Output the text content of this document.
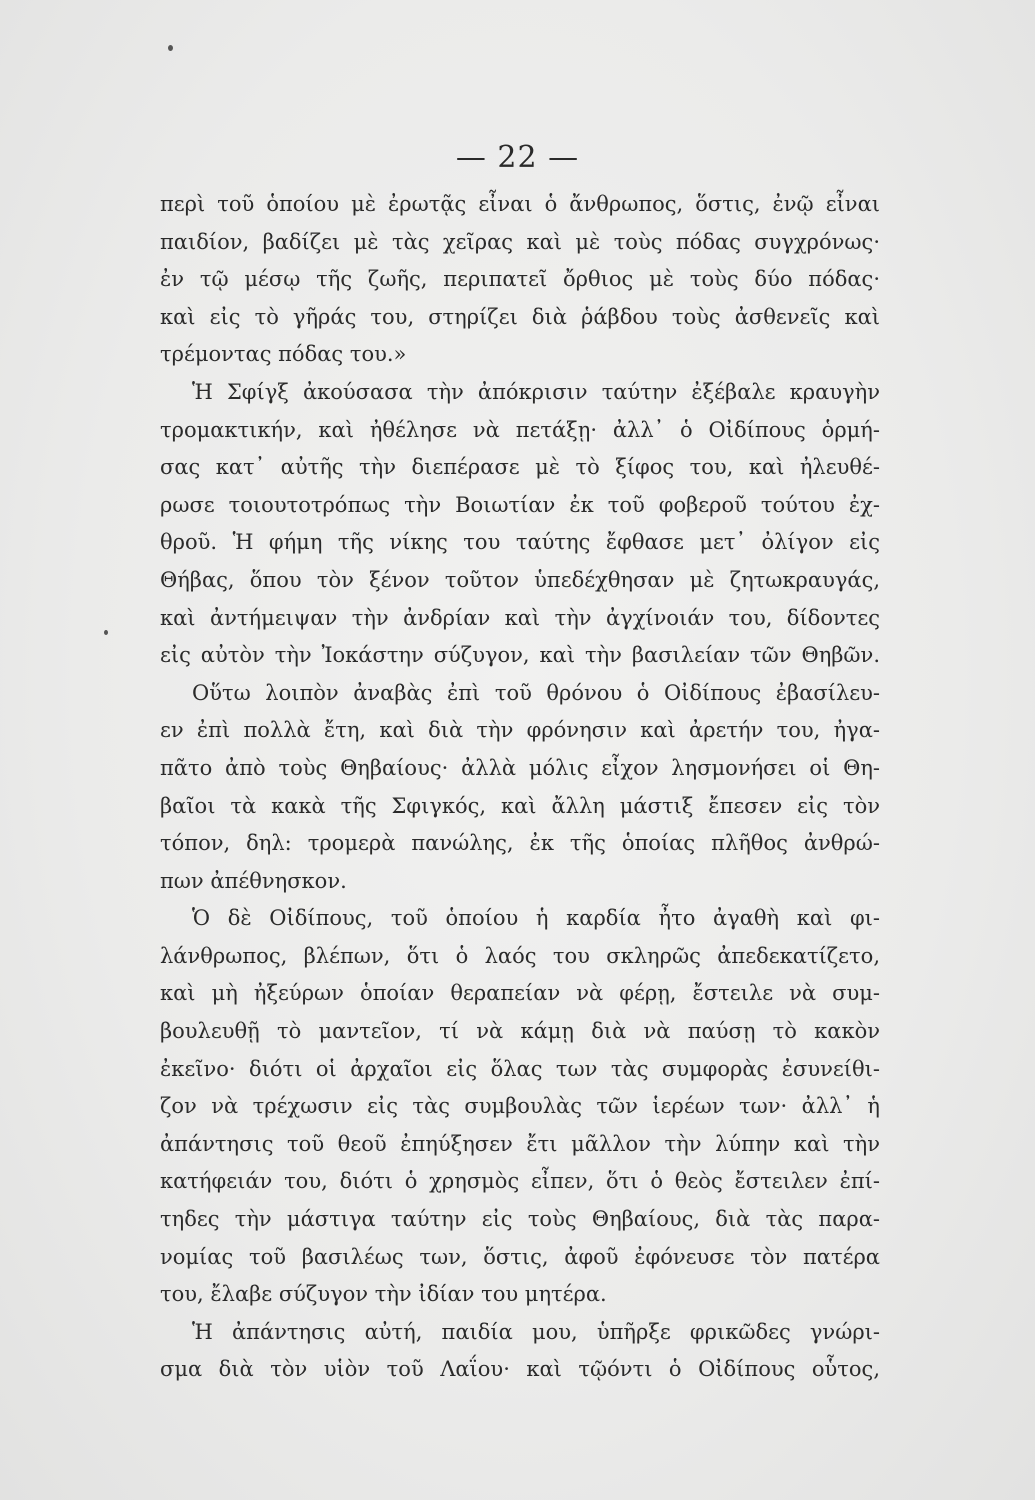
— 22 —
περὶ τοῦ ὁποίου μὲ ἐρωτᾷς εἶναι ὁ ἄνθρωπος, ὅστις, ἐνῷ εἶναι
παιδίον, βαδίζει μὲ τὰς χεῖρας καὶ μὲ τοὺς πόδας συγχρόνως·
ἐν τῷ μέσῳ τῆς ζωῆς, περιπατεῖ ὄρθιος μὲ τοὺς δύο πόδας·
καὶ εἰς τὸ γῆράς του, στηρίζει διὰ ῥάβδου τοὺς ἀσθενεῖς καὶ
τρέμοντας πόδας του.»
Ἡ Σφίγξ ἀκούσασα τὴν ἀπόκρισιν ταύτην ἐξέβαλε κραυγὴν
τρομακτικήν, καὶ ἠθέλησε νὰ πετάξῃ· ἀλλ᾽ ὁ Οἰδίπους ὁρμή-
σας κατ᾽ αὐτῆς τὴν διεπέρασε μὲ τὸ ξίφος του, καὶ ἠλευθέ-
ρωσε τοιουτοτρόπως τὴν Βοιωτίαν ἐκ τοῦ φοβεροῦ τούτου ἐχ-
θροῦ. Ἡ φήμη τῆς νίκης του ταύτης ἔφθασε μετ᾽ ὀλίγον εἰς
Θήβας, ὅπου τὸν ξένον τοῦτον ὑπεδέχθησαν μὲ ζητωκραυγάς,
καὶ ἀντήμειψαν τὴν ἀνδρίαν καὶ τὴν ἀγχίνοιάν του, δίδοντες
εἰς αὐτὸν τὴν Ἰοκάστην σύζυγον, καὶ τὴν βασιλείαν τῶν Θηβῶν.
Οὕτω λοιπὸν ἀναβὰς ἐπὶ τοῦ θρόνου ὁ Οἰδίπους ἐβασίλευ-
εν ἐπὶ πολλὰ ἔτη, καὶ διὰ τὴν φρόνησιν καὶ ἀρετήν του, ἠγα-
πᾶτο ἀπὸ τοὺς Θηβαίους· ἀλλὰ μόλις εἶχον λησμονήσει οἱ Θη-
βαῖοι τὰ κακὰ τῆς Σφιγκός, καὶ ἄλλη μάστιξ ἔπεσεν εἰς τὸν
τόπον, δηλ: τρομερὰ πανώλης, ἐκ τῆς ὁποίας πλῆθος ἀνθρώ-
πων ἀπέθνησκον.
Ὁ δὲ Οἰδίπους, τοῦ ὁποίου ἡ καρδία ἦτο ἀγαθὴ καὶ φι-
λάνθρωπος, βλέπων, ὅτι ὁ λαός του σκληρῶς ἀπεδεκατίζετο,
καὶ μὴ ἠξεύρων ὁποίαν θεραπείαν νὰ φέρῃ, ἔστειλε νὰ συμ-
βουλευθῇ τὸ μαντεῖον, τί νὰ κάμῃ διὰ νὰ παύσῃ τὸ κακὸν
ἐκεῖνο· διότι οἱ ἀρχαῖοι εἰς ὅλας των τὰς συμφορὰς ἐσυνείθι-
ζον νὰ τρέχωσιν εἰς τὰς συμβουλὰς τῶν ἱερέων των· ἀλλ᾽ ἡ
ἀπάντησις τοῦ θεοῦ ἐπηύξησεν ἔτι μᾶλλον τὴν λύπην καὶ τὴν
κατήφειάν του, διότι ὁ χρησμὸς εἶπεν, ὅτι ὁ θεὸς ἔστειλεν ἐπί-
τηδες τὴν μάστιγα ταύτην εἰς τοὺς Θηβαίους, διὰ τὰς παρα-
νομίας τοῦ βασιλέως των, ὅστις, ἀφοῦ ἐφόνευσε τὸν πατέρα
του, ἔλαβε σύζυγον τὴν ἰδίαν του μητέρα.
Ἡ ἀπάντησις αὐτή, παιδία μου, ὑπῆρξε φρικῶδες γνώρι-
σμα διὰ τὸν υἱὸν τοῦ Λαΐου· καὶ τῷόντι ὁ Οἰδίπους οὗτος,
